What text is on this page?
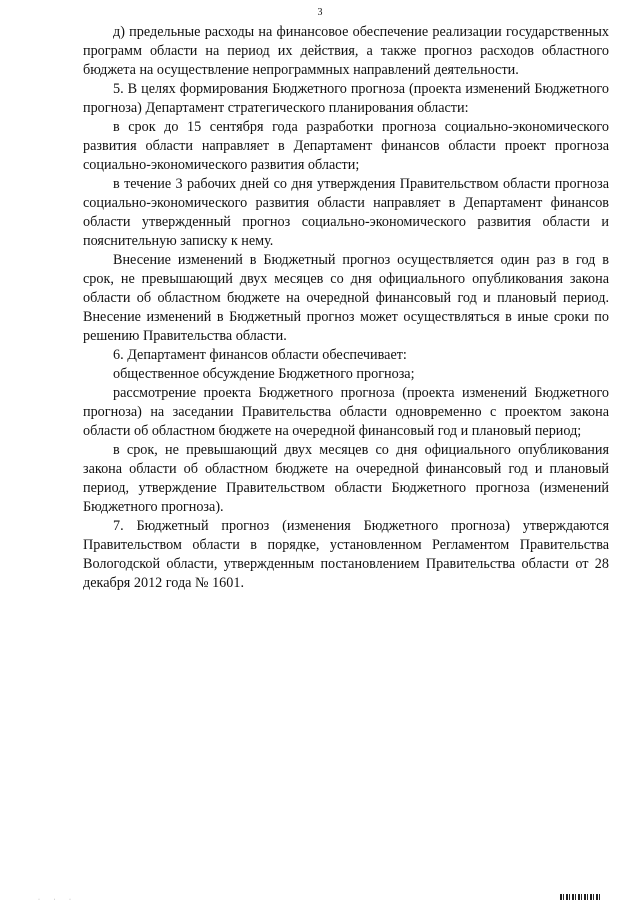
3

д) предельные расходы на финансовое обеспечение реализации государственных программ области на период их действия, а также прогноз расходов областного бюджета на осуществление непрограммных направлений деятельности.

5. В целях формирования Бюджетного прогноза (проекта изменений Бюджетного прогноза) Департамент стратегического планирования области:

в срок до 15 сентября года разработки прогноза социально-экономического развития области направляет в Департамент финансов области проект прогноза социально-экономического развития области;

в течение 3 рабочих дней со дня утверждения Правительством области прогноза социально-экономического развития области направляет в Департамент финансов области утвержденный прогноз социально-экономического развития области и пояснительную записку к нему.

Внесение изменений в Бюджетный прогноз осуществляется один раз в год в срок, не превышающий двух месяцев со дня официального опубликования закона области об областном бюджете на очередной финансовый год и плановый период. Внесение изменений в Бюджетный прогноз может осуществляться в иные сроки по решению Правительства области.

6. Департамент финансов области обеспечивает:

общественное обсуждение Бюджетного прогноза;

рассмотрение проекта Бюджетного прогноза (проекта изменений Бюджетного прогноза) на заседании Правительства области одновременно с проектом закона области об областном бюджете на очередной финансовый год и плановый период;

в срок, не превышающий двух месяцев со дня официального опубликования закона области об областном бюджете на очередной финансовый год и плановый период, утверждение Правительством области Бюджетного прогноза (изменений Бюджетного прогноза).

7. Бюджетный прогноз (изменения Бюджетного прогноза) утверждаются Правительством области в порядке, установленном Регламентом Правительства Вологодской области, утвержденным постановлением Правительства области от 28 декабря 2012 года № 1601.

· · ·
